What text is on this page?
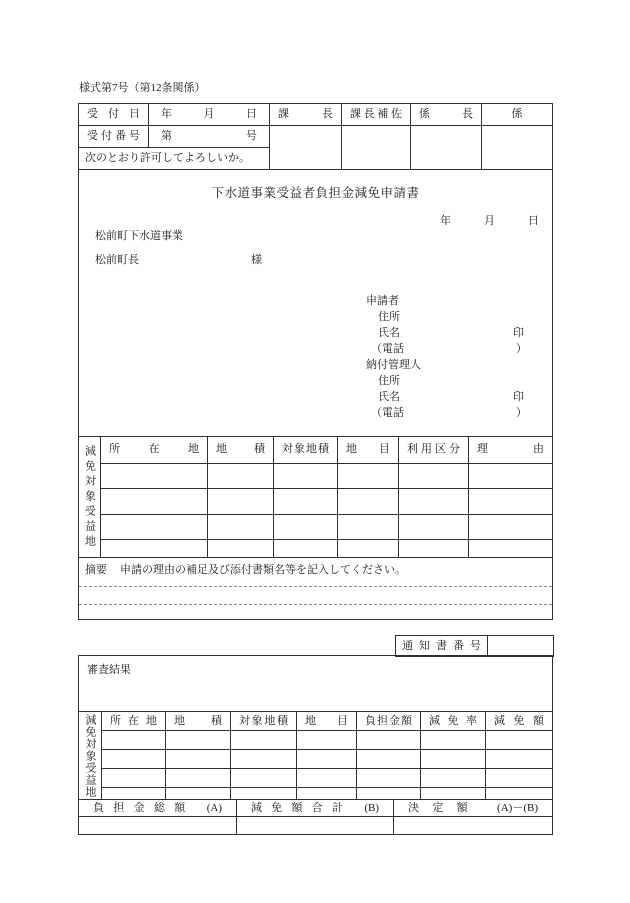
様式第7号（第12条関係）
受付日	年　月　日	課長	課長補佐	係長	係
受付番号	第　号
次のとおり許可してよろしいか。
下水道事業受益者負担金減免申請書
年　　　月　　　日
松前町下水道事業
松前町長	様
申請者
住所
氏名	印
（電話	）
納付管理人
住所
氏名	印
（電話	）
減免対象受益地	所在地	地積	対象地積	地目	利用区分	理由
摘要 申請の理由の補足及び添付書類名等を記入してください。
通知書番号
審査結果
減免対象受益地	所在地	地積	対象地積	地目	負担金額	減免率	減免額
負担金総額 (A)	減免額合計 (B)	決定額 (A)－(B)
